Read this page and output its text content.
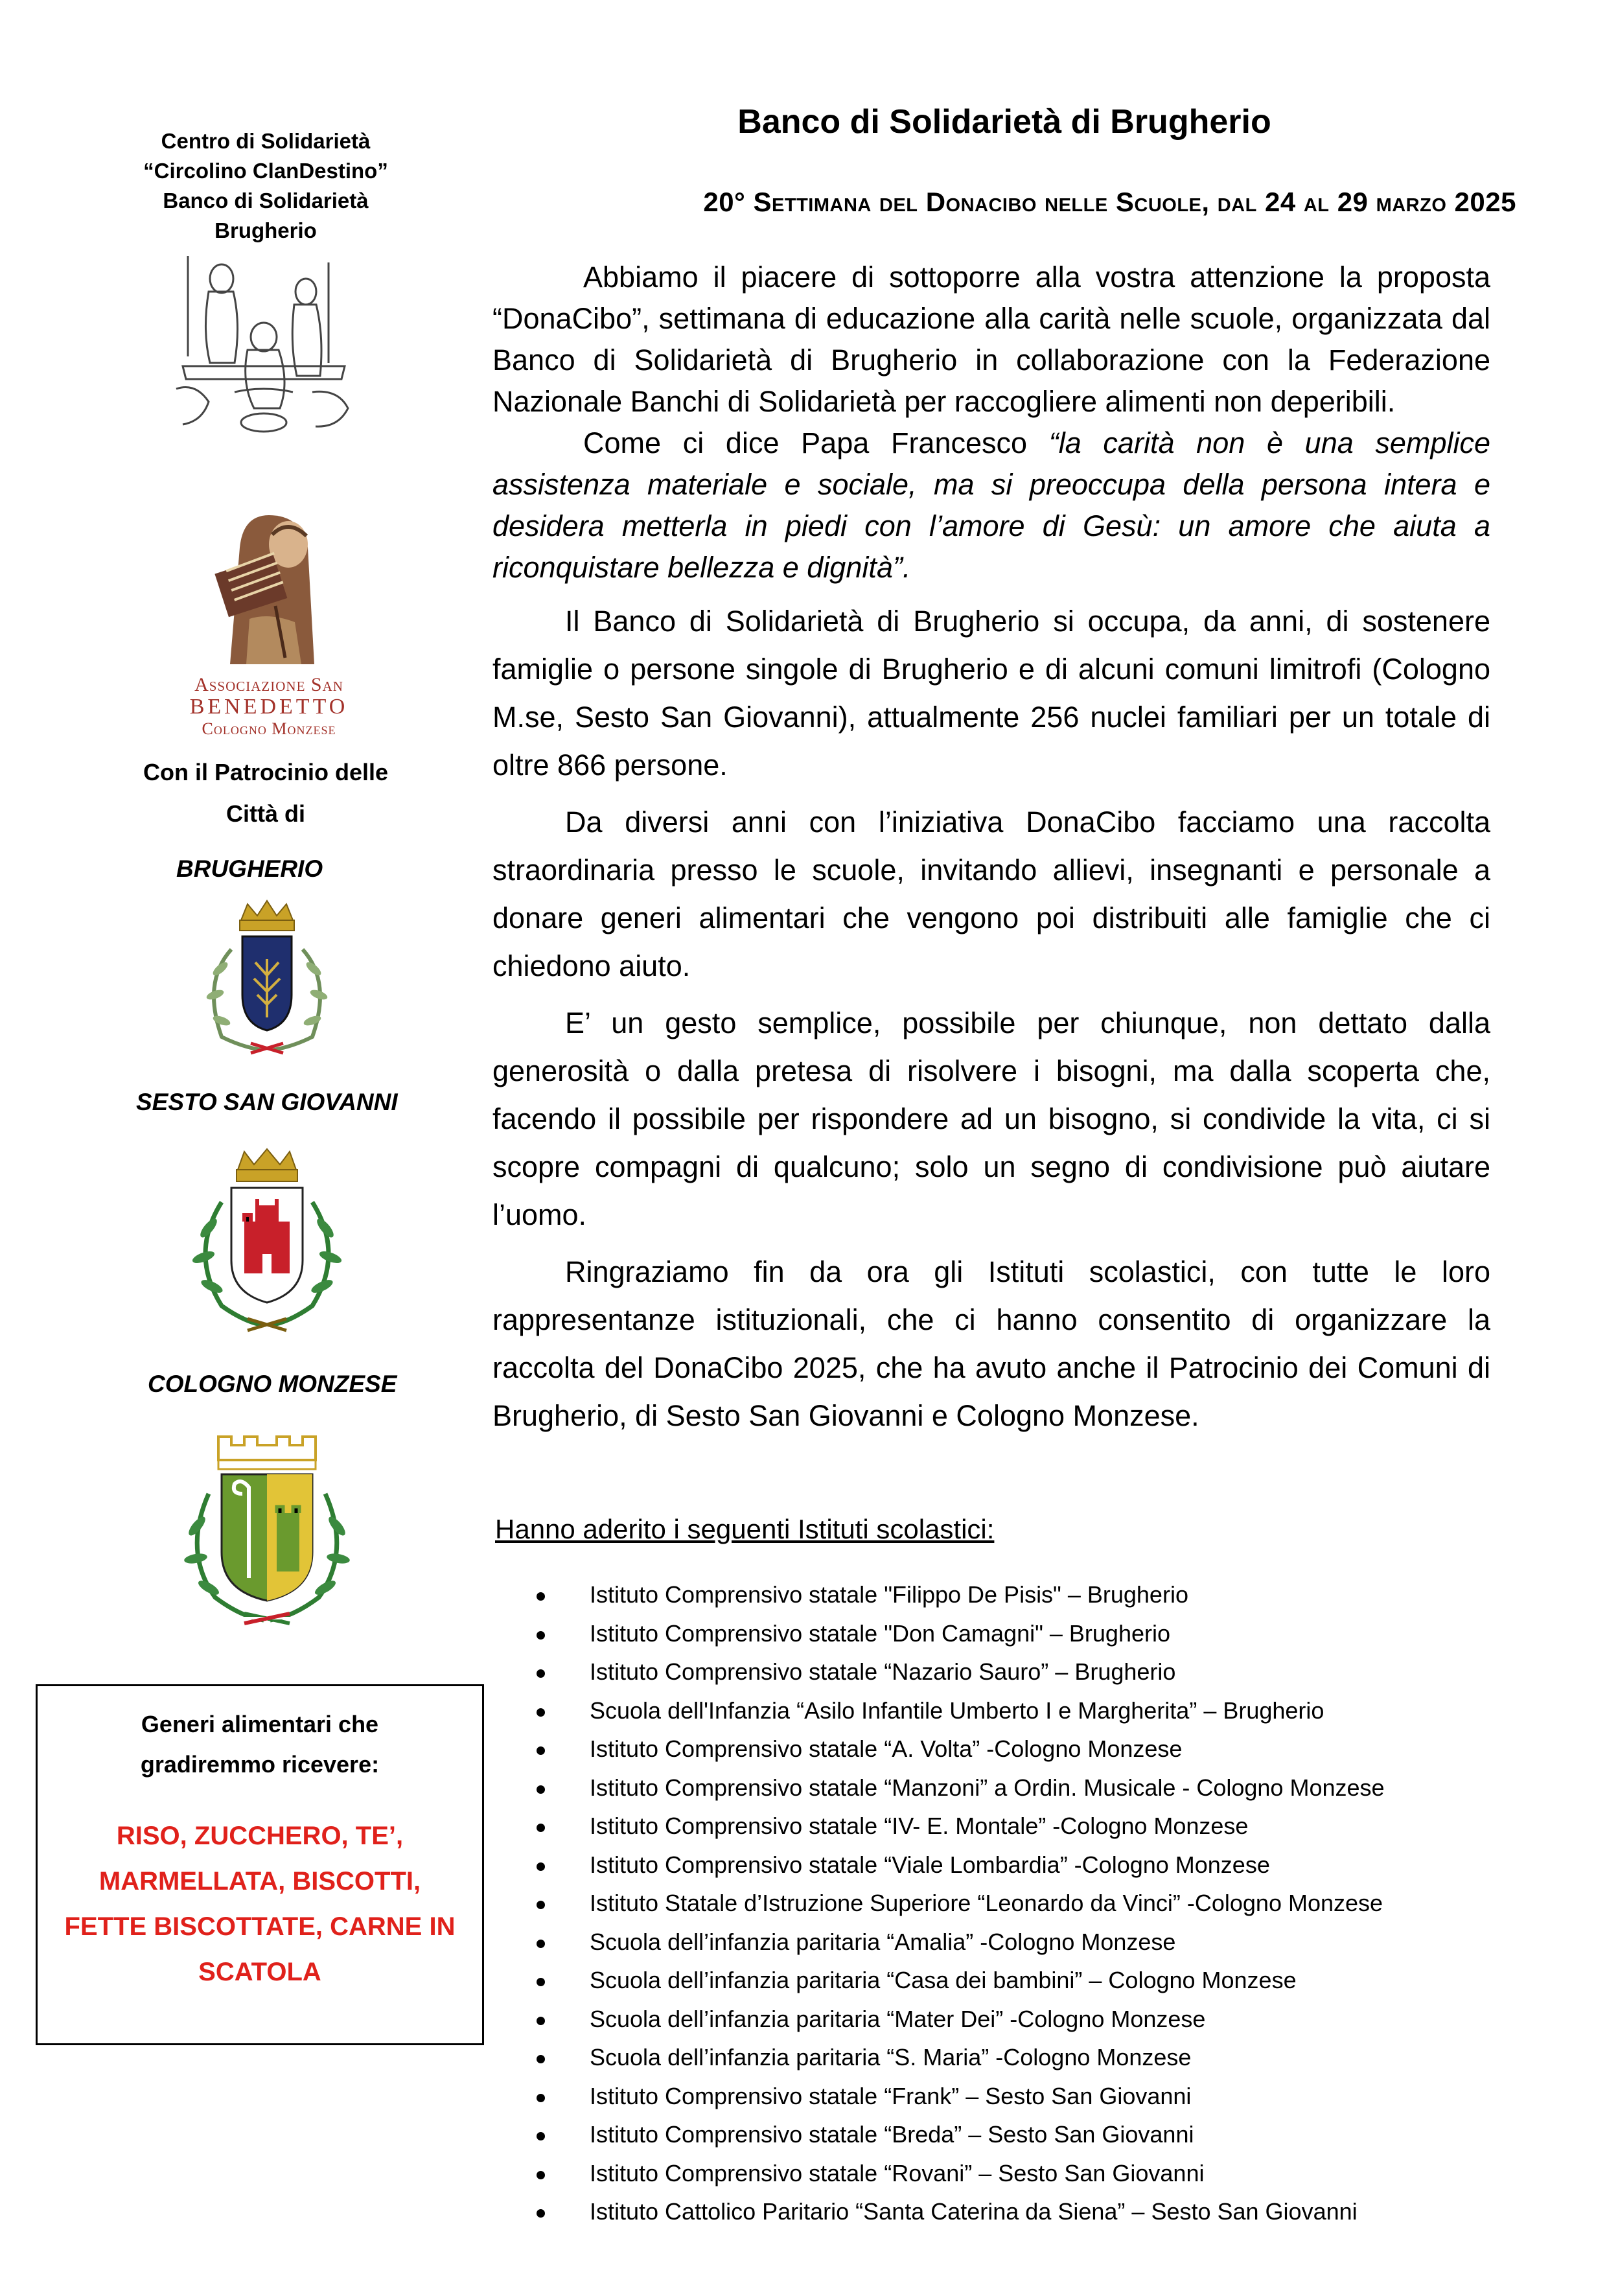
Centro di Solidarietà
“Circolino ClanDestino”
Banco di Solidarietà
Brugherio
Associazione San
BENEDETTO
Cologno Monzese
Con il Patrocinio delle
Città di
BRUGHERIO
SESTO SAN GIOVANNI
COLOGNO MONZESE
Generi alimentari che
gradiremmo ricevere:
RISO, ZUCCHERO, TE’,
MARMELLATA, BISCOTTI,
FETTE BISCOTTATE, CARNE IN
SCATOLA
Banco di Solidarietà di Brugherio
20° Settimana del Donacibo nelle Scuole, dal 24 al 29 marzo 2025

Abbiamo il piacere di sottoporre alla vostra attenzione la proposta “DonaCibo”, settimana di educazione alla carità nelle scuole, organizzata dal Banco di Solidarietà di Brugherio in collaborazione con la Federazione Nazionale Banchi di Solidarietà per raccogliere alimenti non deperibili.

Come ci dice Papa Francesco “la carità non è una semplice assistenza materiale e sociale, ma si preoccupa della persona intera e desidera metterla in piedi con l’amore di Gesù: un amore che aiuta a riconquistare bellezza e dignità”.

Il Banco di Solidarietà di Brugherio si occupa, da anni, di sostenere famiglie o persone singole di Brugherio e di alcuni comuni limitrofi (Cologno M.se, Sesto San Giovanni), attualmente 256 nuclei familiari per un totale di oltre 866 persone.

Da diversi anni con l’iniziativa DonaCibo facciamo una raccolta straordinaria presso le scuole, invitando allievi, insegnanti e personale a donare generi alimentari che vengono poi distribuiti alle famiglie che ci chiedono aiuto.

E’ un gesto semplice, possibile per chiunque, non dettato dalla generosità o dalla pretesa di risolvere i bisogni, ma dalla scoperta che, facendo il possibile per rispondere ad un bisogno, si condivide la vita, ci si scopre compagni di qualcuno; solo un segno di condivisione può aiutare l’uomo.

Ringraziamo fin da ora gli Istituti scolastici, con tutte le loro rappresentanze istituzionali, che ci hanno consentito di organizzare la raccolta del DonaCibo 2025, che ha avuto anche il Patrocinio dei Comuni di Brugherio, di Sesto San Giovanni e Cologno Monzese.

Hanno aderito i seguenti Istituti scolastici:
Istituto Comprensivo statale "Filippo De Pisis" – Brugherio
Istituto Comprensivo statale "Don Camagni" – Brugherio
Istituto Comprensivo statale “Nazario Sauro” – Brugherio
Scuola dell'Infanzia “Asilo Infantile Umberto I e Margherita” – Brugherio
Istituto Comprensivo statale “A. Volta” -Cologno Monzese
Istituto Comprensivo statale “Manzoni” a Ordin. Musicale - Cologno Monzese
Istituto Comprensivo statale “IV- E. Montale” -Cologno Monzese
Istituto Comprensivo statale “Viale Lombardia” -Cologno Monzese
Istituto Statale d’Istruzione Superiore “Leonardo da Vinci” -Cologno Monzese
Scuola dell’infanzia paritaria “Amalia” -Cologno Monzese
Scuola dell’infanzia paritaria “Casa dei bambini” – Cologno Monzese
Scuola dell’infanzia paritaria “Mater Dei” -Cologno Monzese
Scuola dell’infanzia paritaria “S. Maria” -Cologno Monzese
Istituto Comprensivo statale “Frank” – Sesto San Giovanni
Istituto Comprensivo statale “Breda” – Sesto San Giovanni
Istituto Comprensivo statale “Rovani” – Sesto San Giovanni
Istituto Cattolico Paritario “Santa Caterina da Siena” – Sesto San Giovanni
